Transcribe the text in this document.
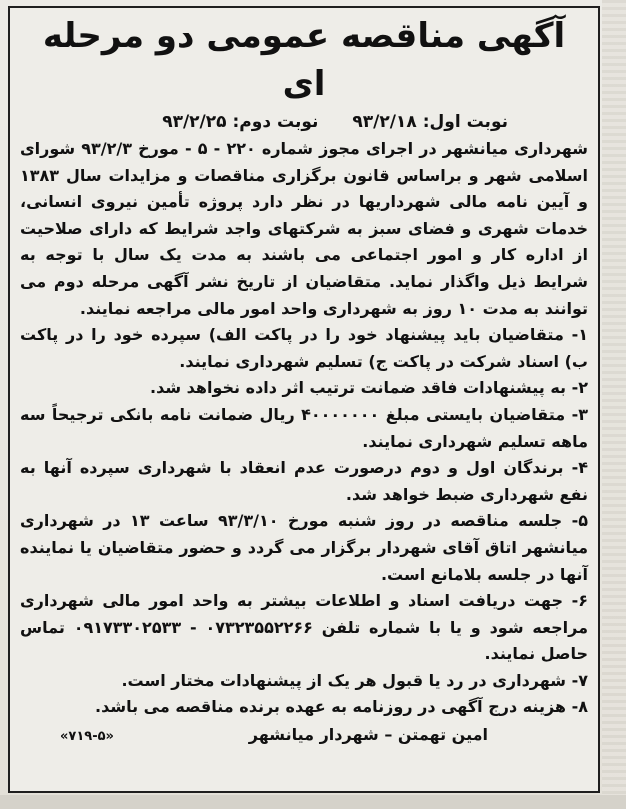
آگهی مناقصه عمومی دو مرحله ای
نوبت اول:۹۳/۲/۱۸
نوبت دوم:۹۳/۲/۲۵

شهرداری میانشهر در اجرای مجوز شماره ۲۲۰ - ۵ - مورخ ۹۳/۲/۳ شورای اسلامی شهر و براساس قانون برگزاری مناقصات و مزایدات سال ۱۳۸۳ و آیین نامه مالی شهرداریها در نظر دارد پروژه تأمین نیروی انسانی، خدمات شهری و فضای سبز به شرکتهای واجد شرایط که دارای صلاحیت از اداره کار و امور اجتماعی می باشند به مدت یک سال با توجه به شرایط ذیل واگذار نماید. متقاضیان از تاریخ نشر آگهی مرحله دوم می توانند به مدت ۱۰ روز به شهرداری واحد امور مالی مراجعه نمایند.

۱- متقاضیان باید پیشنهاد خود را در پاکت الف) سپرده خود را در پاکت ب) اسناد شرکت در پاکت ج) تسلیم شهرداری نمایند.

۲- به پیشنهادات فاقد ضمانت ترتیب اثر داده نخواهد شد.

۳- متقاضیان بایستی مبلغ ۴۰۰۰۰۰۰۰ ریال ضمانت نامه بانکی ترجیحاً سه ماهه تسلیم شهرداری نمایند.

۴- برندگان اول و دوم درصورت عدم انعقاد با شهرداری سپرده آنها به نفع شهرداری ضبط خواهد شد.

۵- جلسه مناقصه در روز شنبه مورخ ۹۳/۳/۱۰ ساعت ۱۳ در شهرداری میانشهر اتاق آقای شهردار برگزار می گردد و حضور متقاضیان یا نماینده آنها در جلسه بلامانع است.

۶- جهت دریافت اسناد و اطلاعات بیشتر به واحد امور مالی شهرداری مراجعه شود و یا با شماره تلفن ۰۷۳۲۳۵۵۲۲۶۶ - ۰۹۱۷۳۳۰۲۵۳۳ تماس حاصل نمایند.

۷- شهرداری در رد یا قبول هر یک از پیشنهادات مختار است.

۸- هزینه درج آگهی در روزنامه به عهده برنده مناقصه می باشد.

امین تهمتن – شهردار میانشهر
«۷۱۹-۵»
